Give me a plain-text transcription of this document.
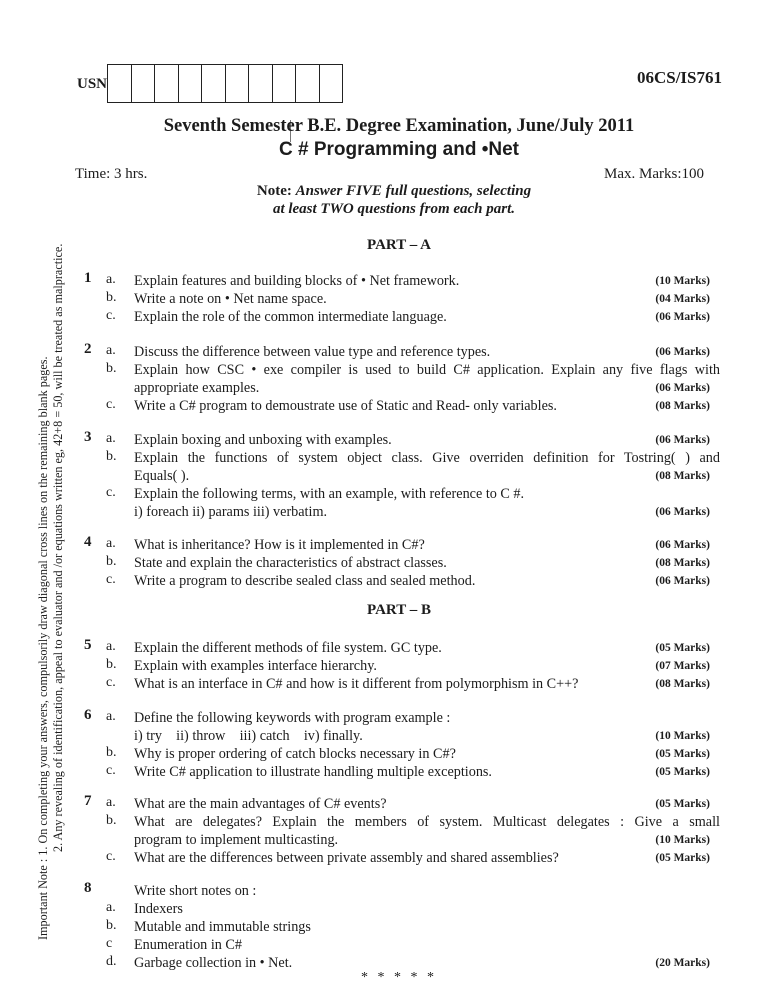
USN	06CS/IS761
Seventh Semester B.E. Degree Examination, June/July 2011
C # Programming and •Net
Time: 3 hrs.	Max. Marks:100
Note: Answer FIVE full questions, selecting
at least TWO questions from each part.
Important Note : 1. On completing your answers, compulsorily draw diagonal cross lines on the remaining blank pages. 2. Any revealing of identification, appeal to evaluator and /or equations written eg, 42+8 = 50, will be treated as malpractice.	PART – A
1 a. Explain features and building blocks of • Net framework.	(10 Marks)
b. Write a note on • Net name space.	(04 Marks)
c. Explain the role of the common intermediate language.	(06 Marks)
2 a. Discuss the difference between value type and reference types.	(06 Marks)
b. Explain how CSC • exe compiler is used to build C# application. Explain any five flags with
appropriate examples.	(06 Marks)
c. Write a C# program to demoustrate use of Static and Read- only variables.	(08 Marks)
3 a. Explain boxing and unboxing with examples.	(06 Marks)
b. Explain the functions of system object class. Give overriden definition for Tostring( ) and
Equals( ).	(08 Marks)
c. Explain the following terms, with an example, with reference to C #.
i) foreach ii) params iii) verbatim.	(06 Marks)
4 a. What is inheritance? How is it implemented in C#?	(06 Marks)
b. State and explain the characteristics of abstract classes.	(08 Marks)
c. Write a program to describe sealed class and sealed method.	(06 Marks)
PART – B
5 a. Explain the different methods of file system. GC type.	(05 Marks)
b. Explain with examples interface hierarchy.	(07 Marks)
c. What is an interface in C# and how is it different from polymorphism in C++?	(08 Marks)
6 a. Define the following keywords with program example :
i) try    ii) throw    iii) catch    iv) finally.	(10 Marks)
b. Why is proper ordering of catch blocks necessary in C#?	(05 Marks)
c. Write C# application to illustrate handling multiple exceptions.	(05 Marks)
7 a. What are the main advantages of C# events?	(05 Marks)
b. What are delegates? Explain the members of system. Multicast delegates : Give a small
program to implement multicasting.	(10 Marks)
c. What are the differences between private assembly and shared assemblies?	(05 Marks)
8	Write short notes on :
a. Indexers
b. Mutable and immutable strings
c Enumeration in C#
d. Garbage collection in • Net.	(20 Marks)
* * * * *
